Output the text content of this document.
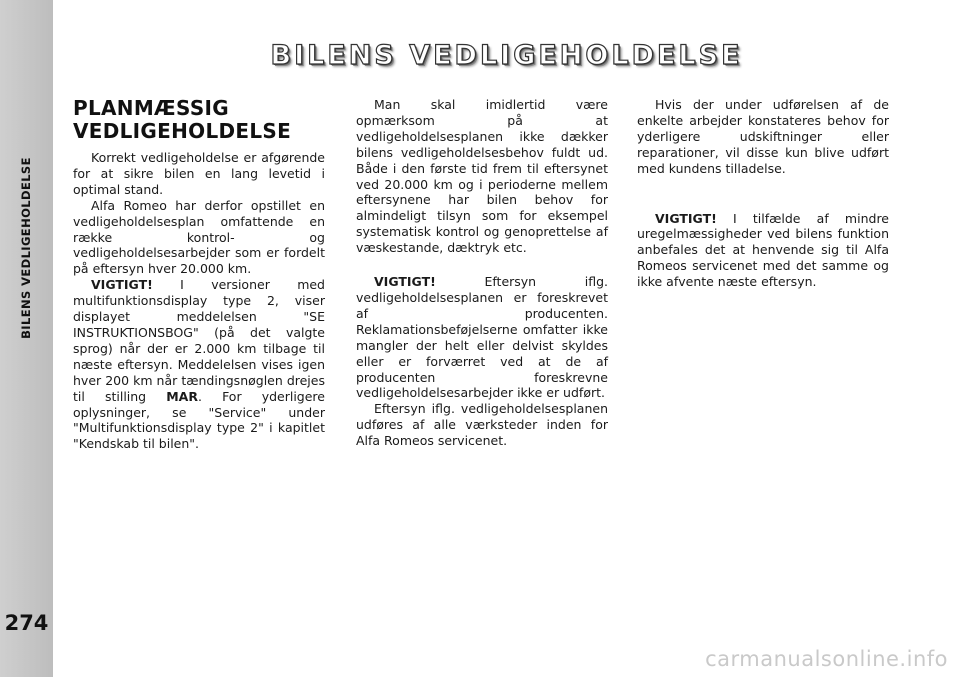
BILENS VEDLIGEHOLDELSE
274
BILENS VEDLIGEHOLDELSE
PLANMÆSSIG
VEDLIGEHOLDELSE

Korrekt vedligeholdelse er afgørende for at sikre bilen en lang levetid i optimal stand.

Alfa Romeo har derfor opstillet en vedligeholdelsesplan omfattende en række kontrol- og vedligeholdelsesarbejder som er fordelt på eftersyn hver 20.000 km.

VIGTIGT! I versioner med multifunktionsdisplay type 2, viser displayet meddelelsen "SE INSTRUKTIONSBOG" (på det valgte sprog) når der er 2.000 km tilbage til næste eftersyn. Meddelelsen vises igen hver 200 km når tændingsnøglen drejes til stilling MAR. For yderligere oplysninger, se "Service" under "Multifunktionsdisplay type 2" i kapitlet "Kendskab til bilen".

Man skal imidlertid være opmærksom på at vedligeholdelsesplanen ikke dækker bilens vedligeholdelsesbehov fuldt ud. Både i den første tid frem til eftersynet ved 20.000 km og i perioderne mellem eftersynene har bilen behov for almindeligt tilsyn som for eksempel systematisk kontrol og genoprettelse af væskestande, dæktryk etc.

VIGTIGT! Eftersyn iflg. vedligeholdelsesplanen er foreskrevet af producenten. Reklamationsbeføjelserne omfatter ikke mangler der helt eller delvist skyldes eller er forværret ved at de af producenten foreskrevne vedligeholdelsesarbejder ikke er udført.

Eftersyn iflg. vedligeholdelsesplanen udføres af alle værksteder inden for Alfa Romeos servicenet.

Hvis der under udførelsen af de enkelte arbejder konstateres behov for yderligere udskiftninger eller reparationer, vil disse kun blive udført med kundens tilladelse.

VIGTIGT! I tilfælde af mindre uregelmæssigheder ved bilens funktion anbefales det at henvende sig til Alfa Romeos servicenet med det samme og ikke afvente næste eftersyn.

carmanualsonline.info
